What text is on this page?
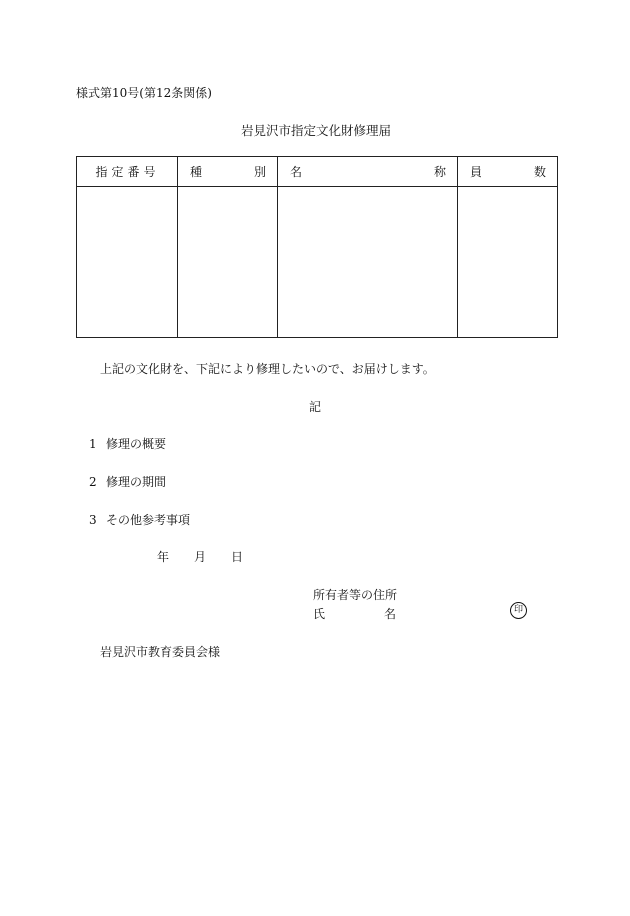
様式第10号(第12条関係)
岩見沢市指定文化財修理届
指定番号	種 別	名 称	員 数

上記の文化財を、下記により修理したいので、お届けします。
記
1 修理の概要
2 修理の期間
3 その他参考事項
年 月 日
所有者等の住所
氏	名	印
岩見沢市教育委員会様
